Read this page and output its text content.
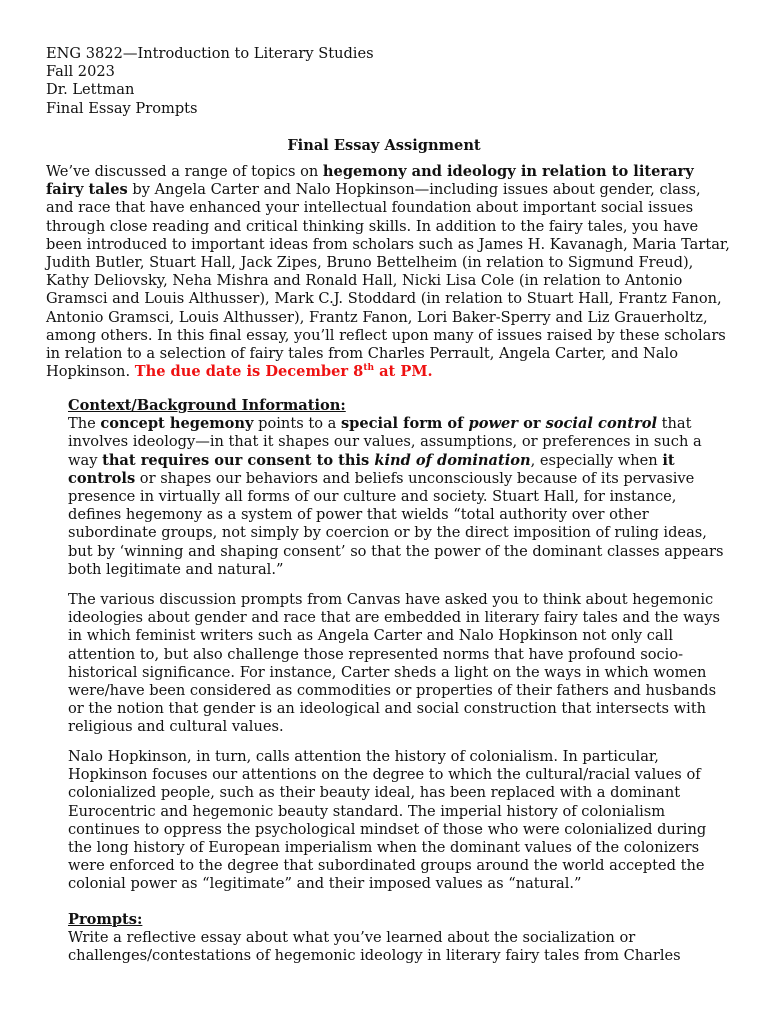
ENG 3822—Introduction to Literary Studies
Fall 2023
Dr. Lettman
Final Essay Prompts
Final Essay Assignment

We’ve discussed a range of topics on hegemony and ideology in relation to literary fairy tales by Angela Carter and Nalo Hopkinson—including issues about gender, class, and race that have enhanced your intellectual foundation about important social issues through close reading and critical thinking skills. In addition to the fairy tales, you have been introduced to important ideas from scholars such as James H. Kavanagh, Maria Tartar, Judith Butler, Stuart Hall, Jack Zipes, Bruno Bettelheim (in relation to Sigmund Freud), Kathy Deliovsky, Neha Mishra and Ronald Hall, Nicki Lisa Cole (in relation to Antonio Gramsci and Louis Althusser), Mark C.J. Stoddard (in relation to Stuart Hall, Frantz Fanon, Antonio Gramsci, Louis Althusser), Frantz Fanon, Lori Baker-Sperry and Liz Grauerholtz, among others. In this final essay, you’ll reflect upon many of issues raised by these scholars in relation to a selection of fairy tales from Charles Perrault, Angela Carter, and Nalo Hopkinson. The due date is December 8th at PM.

Context/Background Information:
The concept hegemony points to a special form of power or social control that involves ideology—in that it shapes our values, assumptions, or preferences in such a way that requires our consent to this kind of domination, especially when it controls or shapes our behaviors and beliefs unconsciously because of its pervasive presence in virtually all forms of our culture and society. Stuart Hall, for instance, defines hegemony as a system of power that wields “total authority over other subordinate groups, not simply by coercion or by the direct imposition of ruling ideas, but by ‘winning and shaping consent’ so that the power of the dominant classes appears both legitimate and natural.”

The various discussion prompts from Canvas have asked you to think about hegemonic ideologies about gender and race that are embedded in literary fairy tales and the ways in which feminist writers such as Angela Carter and Nalo Hopkinson not only call attention to, but also challenge those represented norms that have profound socio-historical significance. For instance, Carter sheds a light on the ways in which women were/have been considered as commodities or properties of their fathers and husbands or the notion that gender is an ideological and social construction that intersects with religious and cultural values.

Nalo Hopkinson, in turn, calls attention the history of colonialism. In particular, Hopkinson focuses our attentions on the degree to which the cultural/racial values of colonialized people, such as their beauty ideal, has been replaced with a dominant Eurocentric and hegemonic beauty standard. The imperial history of colonialism continues to oppress the psychological mindset of those who were colonialized during the long history of European imperialism when the dominant values of the colonizers were enforced to the degree that subordinated groups around the world accepted the colonial power as “legitimate” and their imposed values as “natural.”

Prompts:
Write a reflective essay about what you’ve learned about the socialization or challenges/contestations of hegemonic ideology in literary fairy tales from Charles
